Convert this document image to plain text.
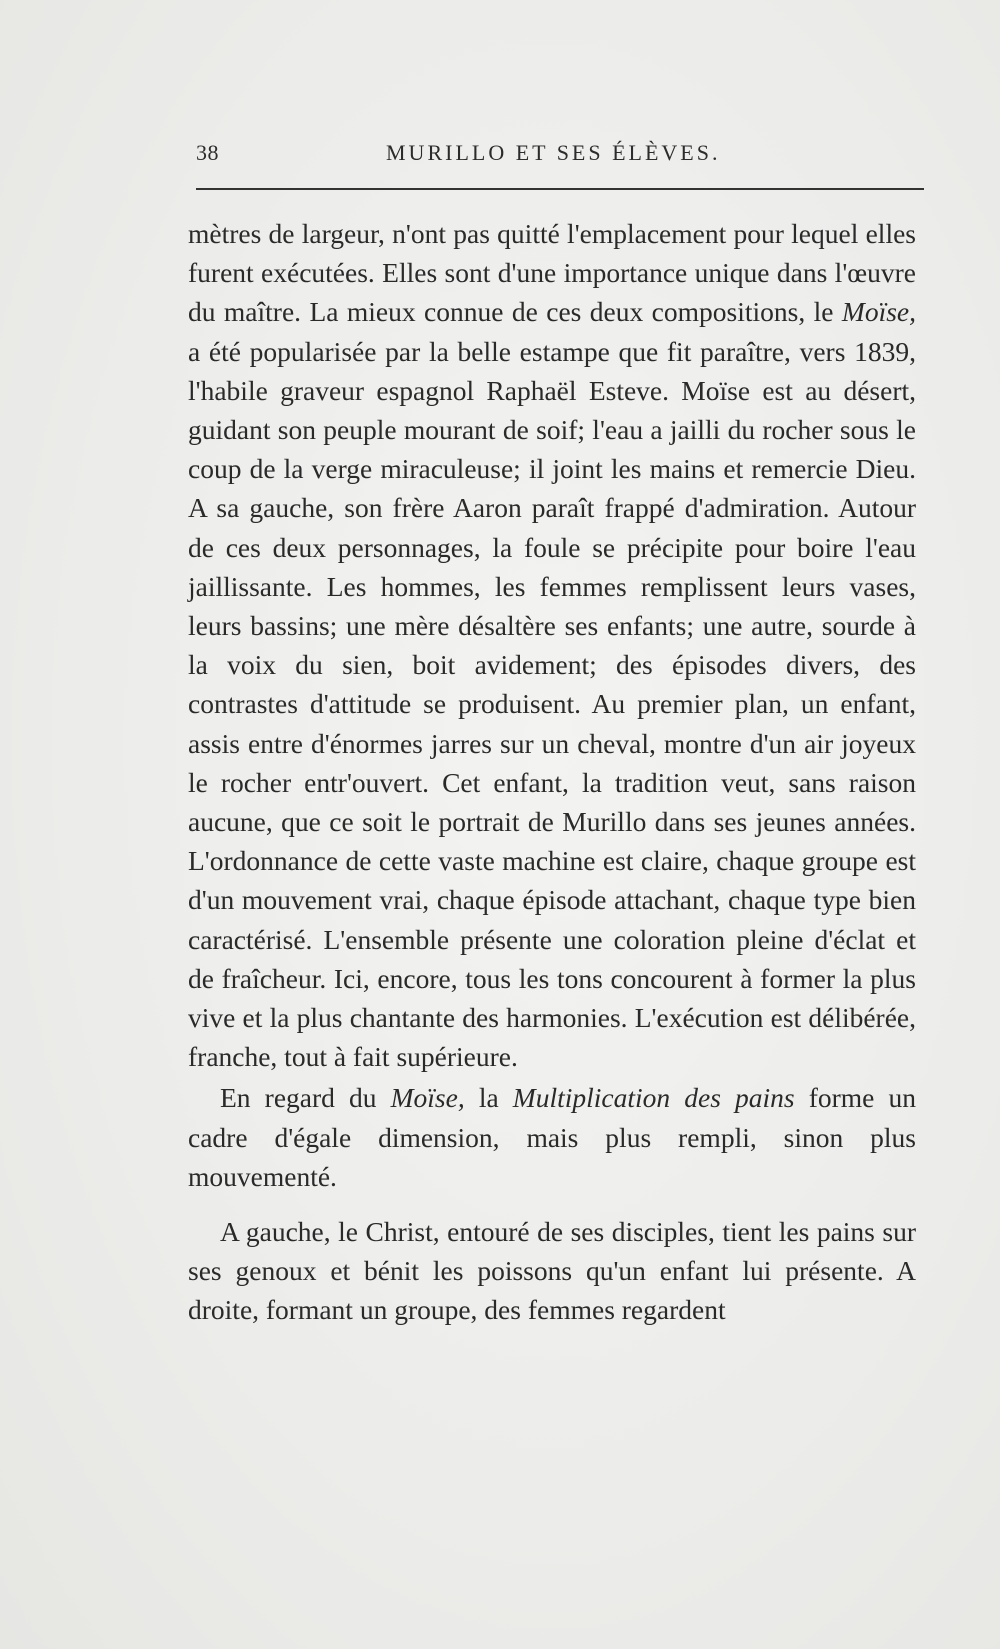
38	MURILLO ET SES ÉLÈVES.

mètres de largeur, n'ont pas quitté l'emplacement pour lequel elles furent exécutées. Elles sont d'une importance unique dans l'œuvre du maître. La mieux connue de ces deux compositions, le Moïse, a été popularisée par la belle estampe que fit paraître, vers 1839, l'habile graveur espagnol Raphaël Esteve. Moïse est au désert, guidant son peuple mourant de soif; l'eau a jailli du rocher sous le coup de la verge miraculeuse; il joint les mains et remercie Dieu. A sa gauche, son frère Aaron paraît frappé d'admiration. Autour de ces deux personnages, la foule se précipite pour boire l'eau jaillissante. Les hommes, les femmes remplissent leurs vases, leurs bassins; une mère désaltère ses enfants; une autre, sourde à la voix du sien, boit avidement; des épisodes divers, des contrastes d'attitude se produisent. Au premier plan, un enfant, assis entre d'énormes jarres sur un cheval, montre d'un air joyeux le rocher entr'ouvert. Cet enfant, la tradition veut, sans raison aucune, que ce soit le portrait de Murillo dans ses jeunes années. L'ordonnance de cette vaste machine est claire, chaque groupe est d'un mouvement vrai, chaque épisode attachant, chaque type bien caractérisé. L'ensemble présente une coloration pleine d'éclat et de fraîcheur. Ici, encore, tous les tons concourent à former la plus vive et la plus chantante des harmonies. L'exécution est délibérée, franche, tout à fait supérieure.

En regard du Moïse, la Multiplication des pains forme un cadre d'égale dimension, mais plus rempli, sinon plus mouvementé.

A gauche, le Christ, entouré de ses disciples, tient les pains sur ses genoux et bénit les poissons qu'un enfant lui présente. A droite, formant un groupe, des femmes regardent
